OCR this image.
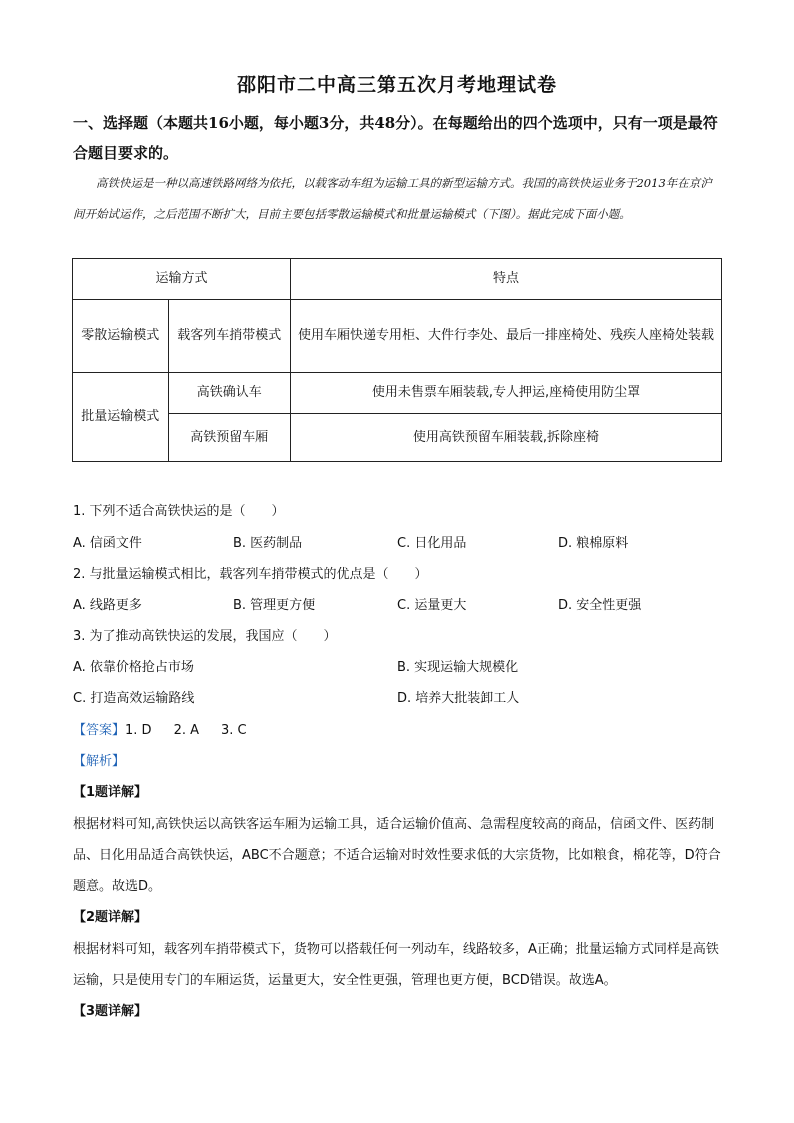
邵阳市二中高三第五次月考地理试卷
一、选择题（本题共16小题，每小题3分，共48分）。在每题给出的四个选项中，只有一项是最符合题目要求的。
高铁快运是一种以高速铁路网络为依托，以载客动车组为运输工具的新型运输方式。我国的高铁快运业务于2013年在京沪间开始试运作，之后范围不断扩大，目前主要包括零散运输模式和批量运输模式（下图）。据此完成下面小题。
运输方式		特点
零散运输模式	载客列车捎带模式	使用车厢快递专用柜、大件行李处、最后一排座椅处、残疾人座椅处装载
批量运输模式	高铁确认车	使用未售票车厢装载,专人押运,座椅使用防尘罩
	高铁预留车厢	使用高铁预留车厢装载,拆除座椅
1. 下列不适合高铁快运的是（　　）
A. 信函文件	B. 医药制品	C. 日化用品	D. 粮棉原料
2. 与批量运输模式相比，载客列车捎带模式的优点是（　　）
A. 线路更多	B. 管理更方便	C. 运量更大	D. 安全性更强
3. 为了推动高铁快运的发展，我国应（　　）
A. 依靠价格抢占市场	B. 实现运输大规模化
C. 打造高效运输路线	D. 培养大批装卸工人
【答案】1. D 2. A 3. C
【解析】
【1题详解】
根据材料可知,高铁快运以高铁客运车厢为运输工具，适合运输价值高、急需程度较高的商品，信函文件、医药制品、日化用品适合高铁快运，ABC不合题意；不适合运输对时效性要求低的大宗货物，比如粮食，棉花等，D符合题意。故选D。
【2题详解】
根据材料可知，载客列车捎带模式下，货物可以搭载任何一列动车，线路较多，A正确；批量运输方式同样是高铁运输，只是使用专门的车厢运货，运量更大，安全性更强，管理也更方便，BCD错误。故选A。
【3题详解】
